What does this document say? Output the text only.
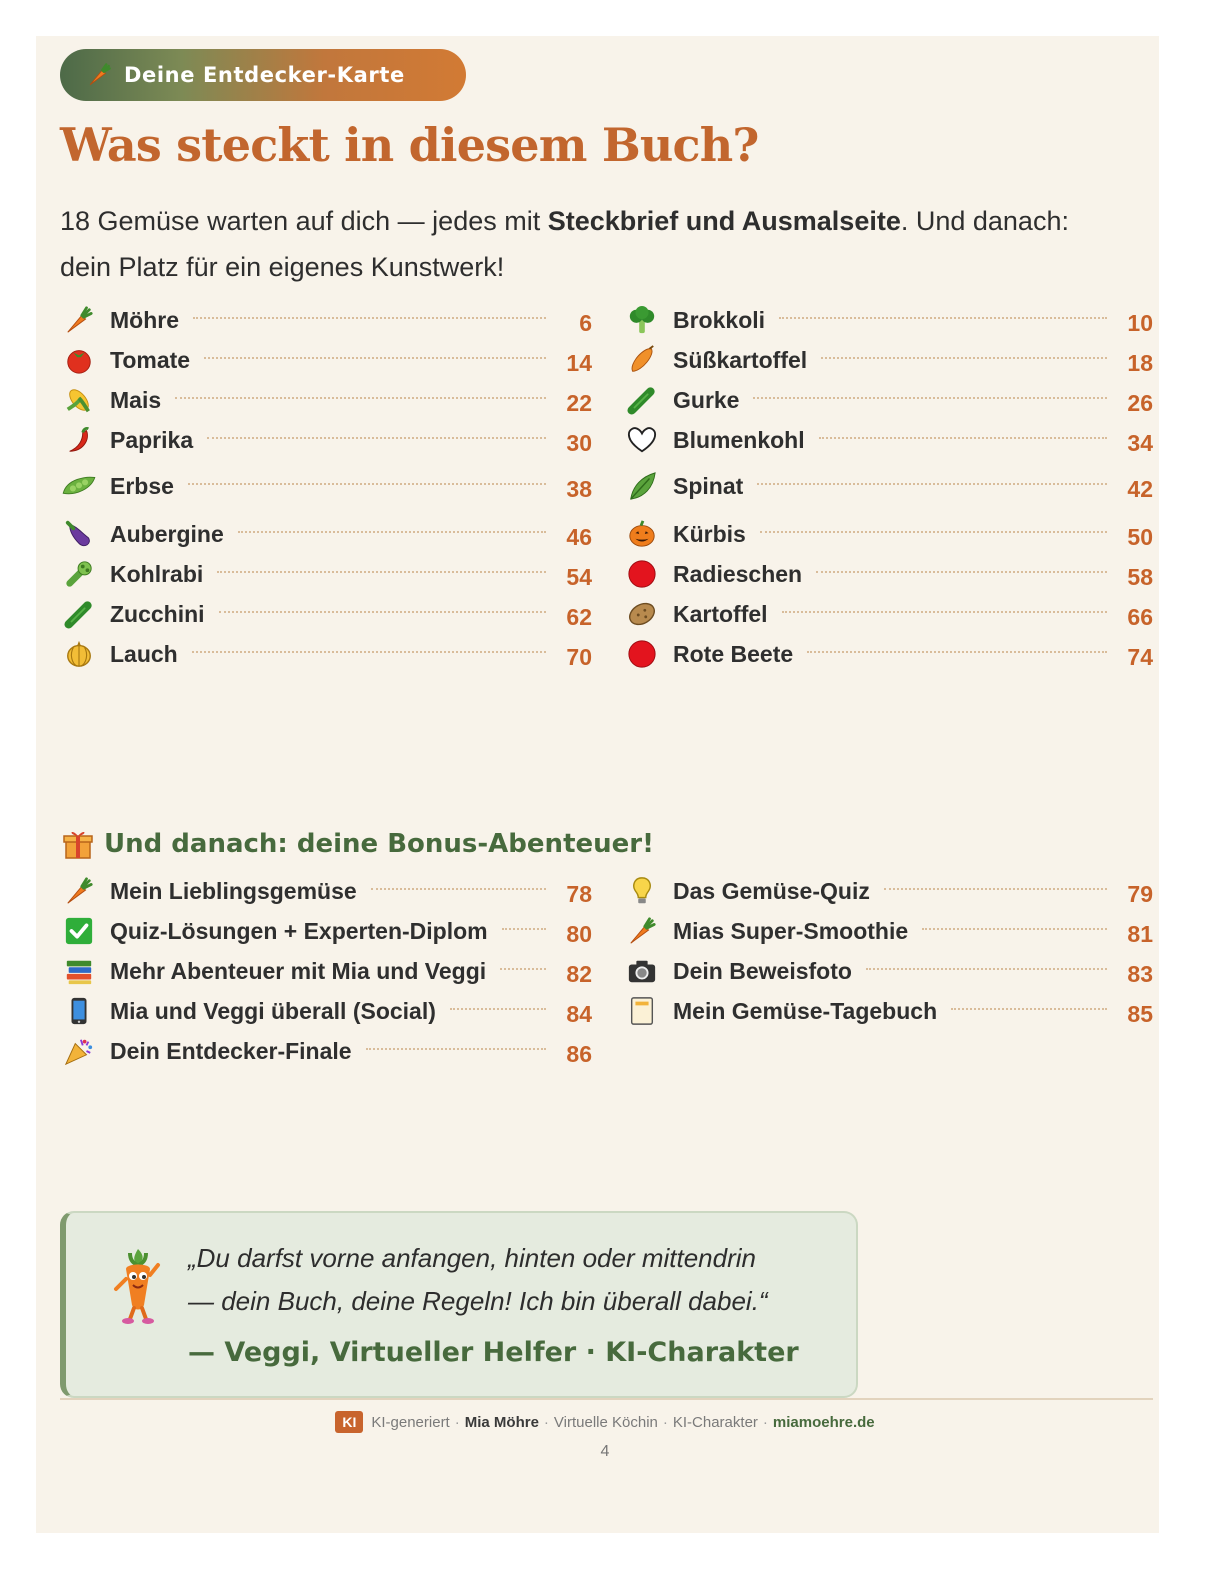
Deine Entdecker-Karte
Was steckt in diesem Buch?
18 Gemüse warten auf dich — jedes mit Steckbrief und Ausmalseite. Und danach: dein Platz für ein eigenes Kunstwerk!
Möhre	6
Tomate	14
Mais	22
Paprika	30
Erbse	38
Aubergine	46
Kohlrabi	54
Zucchini	62
Lauch	70
Brokkoli	10
Süßkartoffel	18
Gurke	26
Blumenkohl	34
Spinat	42
Kürbis	50
Radieschen	58
Kartoffel	66
Rote Beete	74
Und danach: deine Bonus-Abenteuer!
Mein Lieblingsgemüse	78
Quiz-Lösungen + Experten-Diplom	80
Mehr Abenteuer mit Mia und Veggi	82
Mia und Veggi überall (Social)	84
Dein Entdecker-Finale	86
Das Gemüse-Quiz	79
Mias Super-Smoothie	81
Dein Beweisfoto	83
Mein Gemüse-Tagebuch	85
„Du darfst vorne anfangen, hinten oder mittendrin
— dein Buch, deine Regeln! Ich bin überall dabei.“
— Veggi, Virtueller Helfer · KI-Charakter
KI	KI-generiert · Mia Möhre · Virtuelle Köchin · KI-Charakter · miamoehre.de
4
